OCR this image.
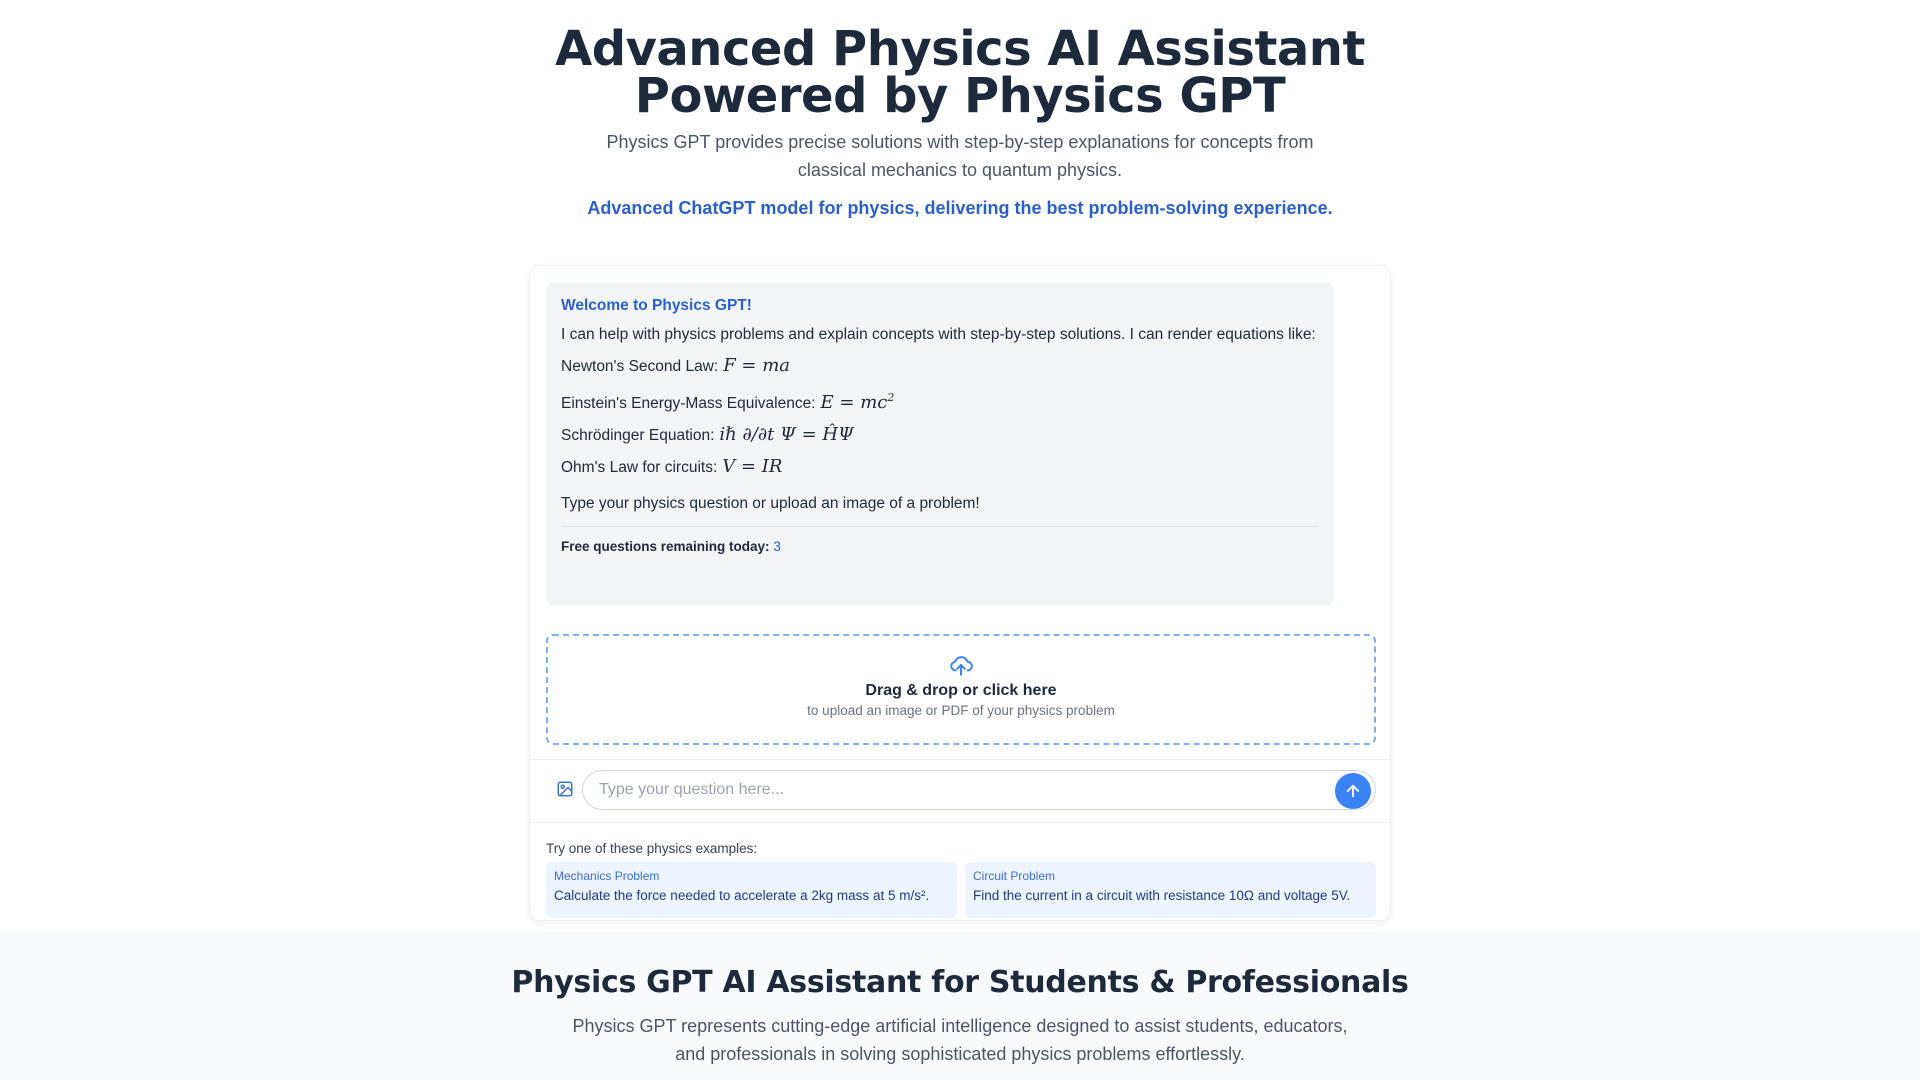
Advanced Physics AI Assistant
Powered by Physics GPT

Physics GPT provides precise solutions with step-by-step explanations for concepts from classical mechanics to quantum physics.

Advanced ChatGPT model for physics, delivering the best problem-solving experience.

Welcome to Physics GPT!
I can help with physics problems and explain concepts with step-by-step solutions. I can render equations like:
Newton's Second Law: F = ma
Einstein's Energy-Mass Equivalence: $E = mc^2$
Schrödinger Equation: iℏ ∂/∂t Ψ = ĤΨ
Ohm's Law for circuits: V = IR
Type your physics question or upload an image of a problem!
Free questions remaining today: 3
Drag & drop or click here
to upload an image or PDF of your physics problem
Type your question here...
Try one of these physics examples:
Mechanics Problem
Calculate the force needed to accelerate a 2kg mass at 5 m/s².
Circuit Problem
Find the current in a circuit with resistance 10Ω and voltage 5V.
Physics GPT AI Assistant for Students & Professionals

Physics GPT represents cutting-edge artificial intelligence designed to assist students, educators, and professionals in solving sophisticated physics problems effortlessly.
